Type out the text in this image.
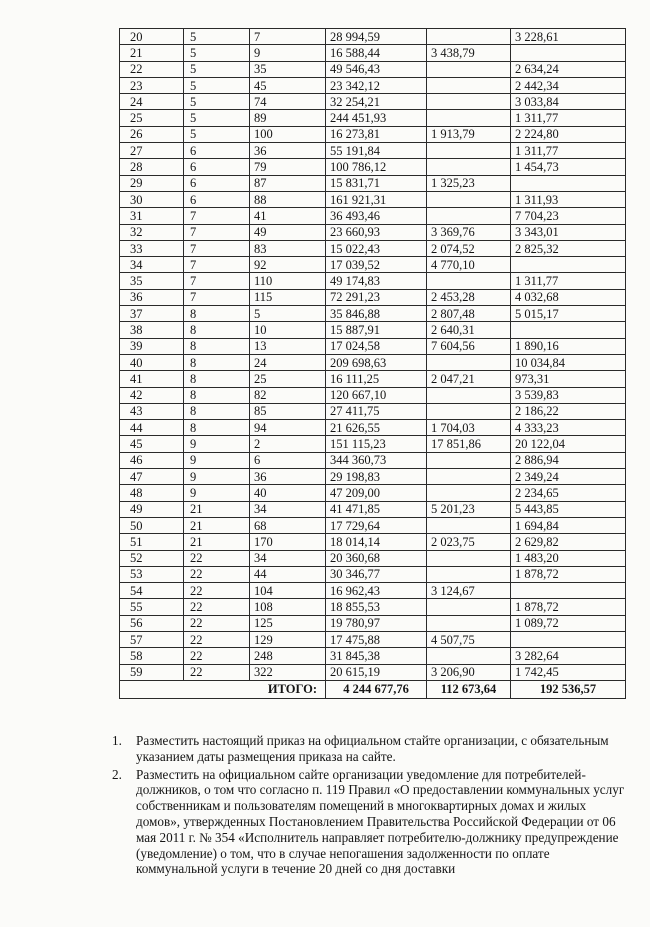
20	5	7	28 994,59		3 228,61
21	5	9	16 588,44	3 438,79	
22	5	35	49 546,43		2 634,24
23	5	45	23 342,12		2 442,34
24	5	74	32 254,21		3 033,84
25	5	89	244 451,93		1 311,77
26	5	100	16 273,81	1 913,79	2 224,80
27	6	36	55 191,84		1 311,77
28	6	79	100 786,12		1 454,73
29	6	87	15 831,71	1 325,23	
30	6	88	161 921,31		1 311,93
31	7	41	36 493,46		7 704,23
32	7	49	23 660,93	3 369,76	3 343,01
33	7	83	15 022,43	2 074,52	2 825,32
34	7	92	17 039,52	4 770,10	
35	7	110	49 174,83		1 311,77
36	7	115	72 291,23	2 453,28	4 032,68
37	8	5	35 846,88	2 807,48	5 015,17
38	8	10	15 887,91	2 640,31	
39	8	13	17 024,58	7 604,56	1 890,16
40	8	24	209 698,63		10 034,84
41	8	25	16 111,25	2 047,21	973,31
42	8	82	120 667,10		3 539,83
43	8	85	27 411,75		2 186,22
44	8	94	21 626,55	1 704,03	4 333,23
45	9	2	151 115,23	17 851,86	20 122,04
46	9	6	344 360,73		2 886,94
47	9	36	29 198,83		2 349,24
48	9	40	47 209,00		2 234,65
49	21	34	41 471,85	5 201,23	5 443,85
50	21	68	17 729,64		1 694,84
51	21	170	18 014,14	2 023,75	2 629,82
52	22	34	20 360,68		1 483,20
53	22	44	30 346,77		1 878,72
54	22	104	16 962,43	3 124,67	
55	22	108	18 855,53		1 878,72
56	22	125	19 780,97		1 089,72
57	22	129	17 475,88	4 507,75	
58	22	248	31 845,38		3 282,64
59	22	322	20 615,19	3 206,90	1 742,45
ИТОГО:			4 244 677,76	112 673,64	192 536,57
1. Разместить настоящий приказ на официальном стайте организации, с обязательным указанием даты размещения приказа на сайте.
2. Разместить на официальном сайте организации уведомление для потребителей-должников, о том что согласно п. 119 Правил «О предоставлении коммунальных услуг собственникам и пользователям помещений в многоквартирных домах и жилых домов», утвержденных Постановлением Правительства Российской Федерации от 06 мая 2011 г. № 354 «Исполнитель направляет потребителю-должнику предупреждение (уведомление) о том, что в случае непогашения задолженности по оплате коммунальной услуги в течение 20 дней со дня доставки
